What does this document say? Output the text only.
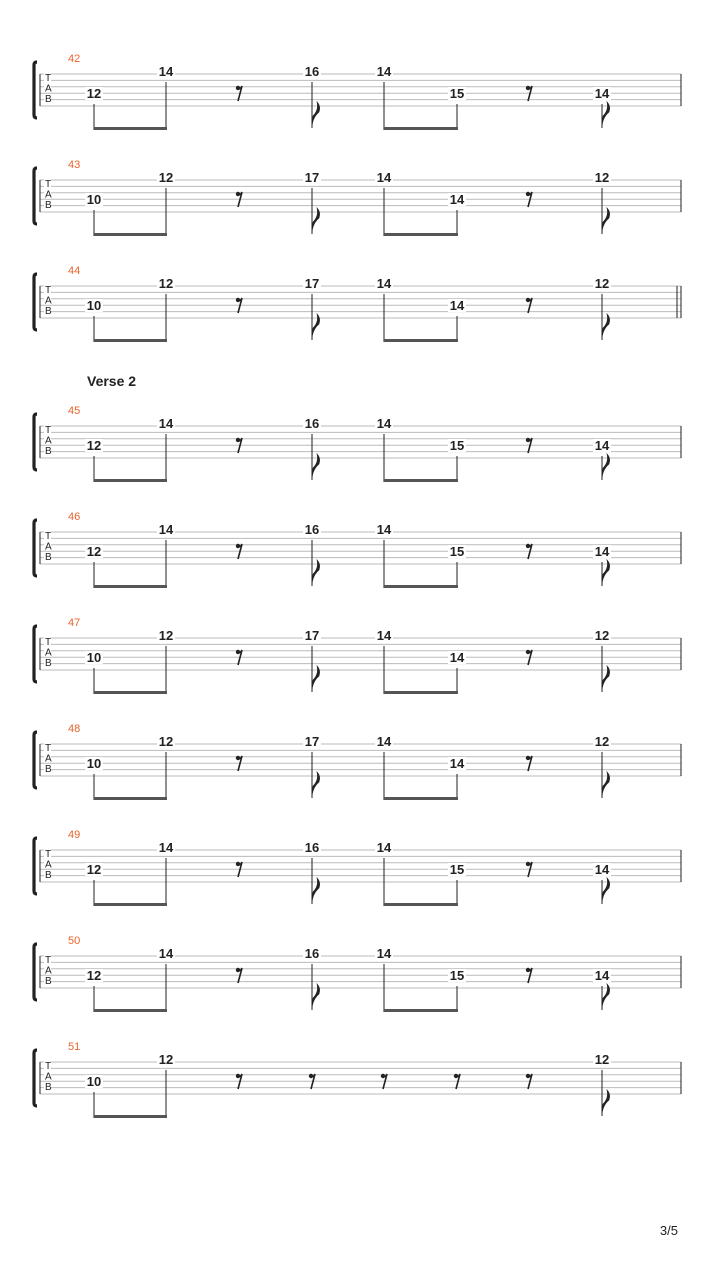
42
T
A
B	12
14	16	14
15	14
43
T
A
B	10
12	17	14
14
12
44
T
A
B	10
12	17	14
14
12
45
T
A
B	12
14	16	14
15	14
46
T
A
B	12
14	16	14
15	14
47
T
A
B	10
12	17	14
14
12
48
T
A
B	10
12	17	14
14
12
49
T
A
B	12
14	16	14
15	14
50
T
A
B	12
14	16	14
15	14
51
T
A
B	10
12	12
Verse 2
3/5
